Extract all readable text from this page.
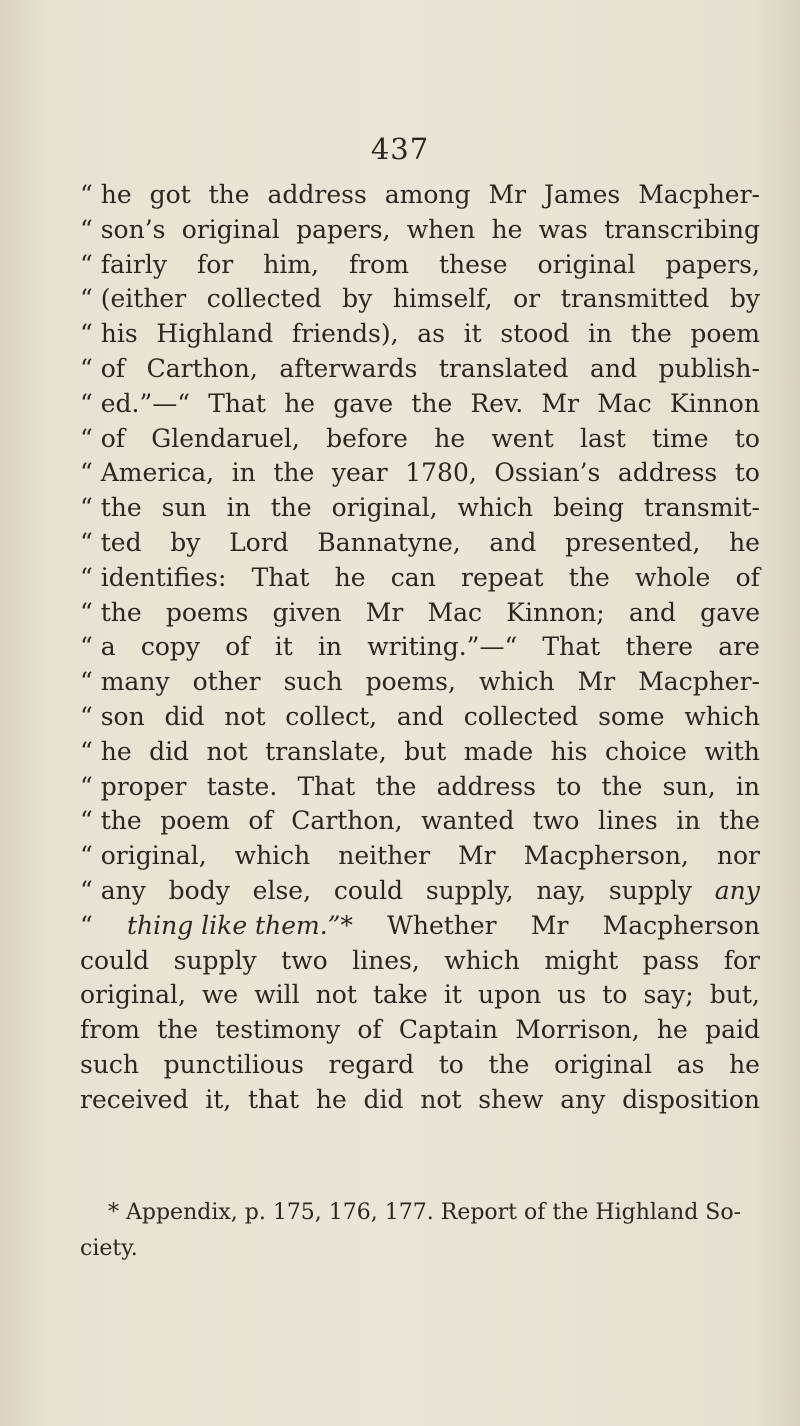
437
“ he got the address among Mr James Macpher-
“ son’s original papers, when he was transcribing
“ fairly for him, from these original papers,
“ (either collected by himself, or transmitted by
“ his Highland friends), as it stood in the poem
“ of Carthon, afterwards translated and publish-
“ ed.”—“ That he gave the Rev. Mr Mac Kinnon
“ of Glendaruel, before he went last time to
“ America, in the year 1780, Ossian’s address to
“ the sun in the original, which being transmit-
“ ted by Lord Bannatyne, and presented, he
“ identifies: That he can repeat the whole of
“ the poems given Mr Mac Kinnon; and gave
“ a copy of it in writing.”—“ That there are
“ many other such poems, which Mr Macpher-
“ son did not collect, and collected some which
“ he did not translate, but made his choice with
“ proper taste. That the address to the sun, in
“ the poem of Carthon, wanted two lines in the
“ original, which neither Mr Macpherson, nor
“ any body else, could supply, nay, supply any
“ thing like them.”* Whether Mr Macpherson
could supply two lines, which might pass for
original, we will not take it upon us to say; but,
from the testimony of Captain Morrison, he paid
such punctilious regard to the original as he
received it, that he did not shew any disposition
* Appendix, p. 175, 176, 177. Report of the Highland So-
ciety.
